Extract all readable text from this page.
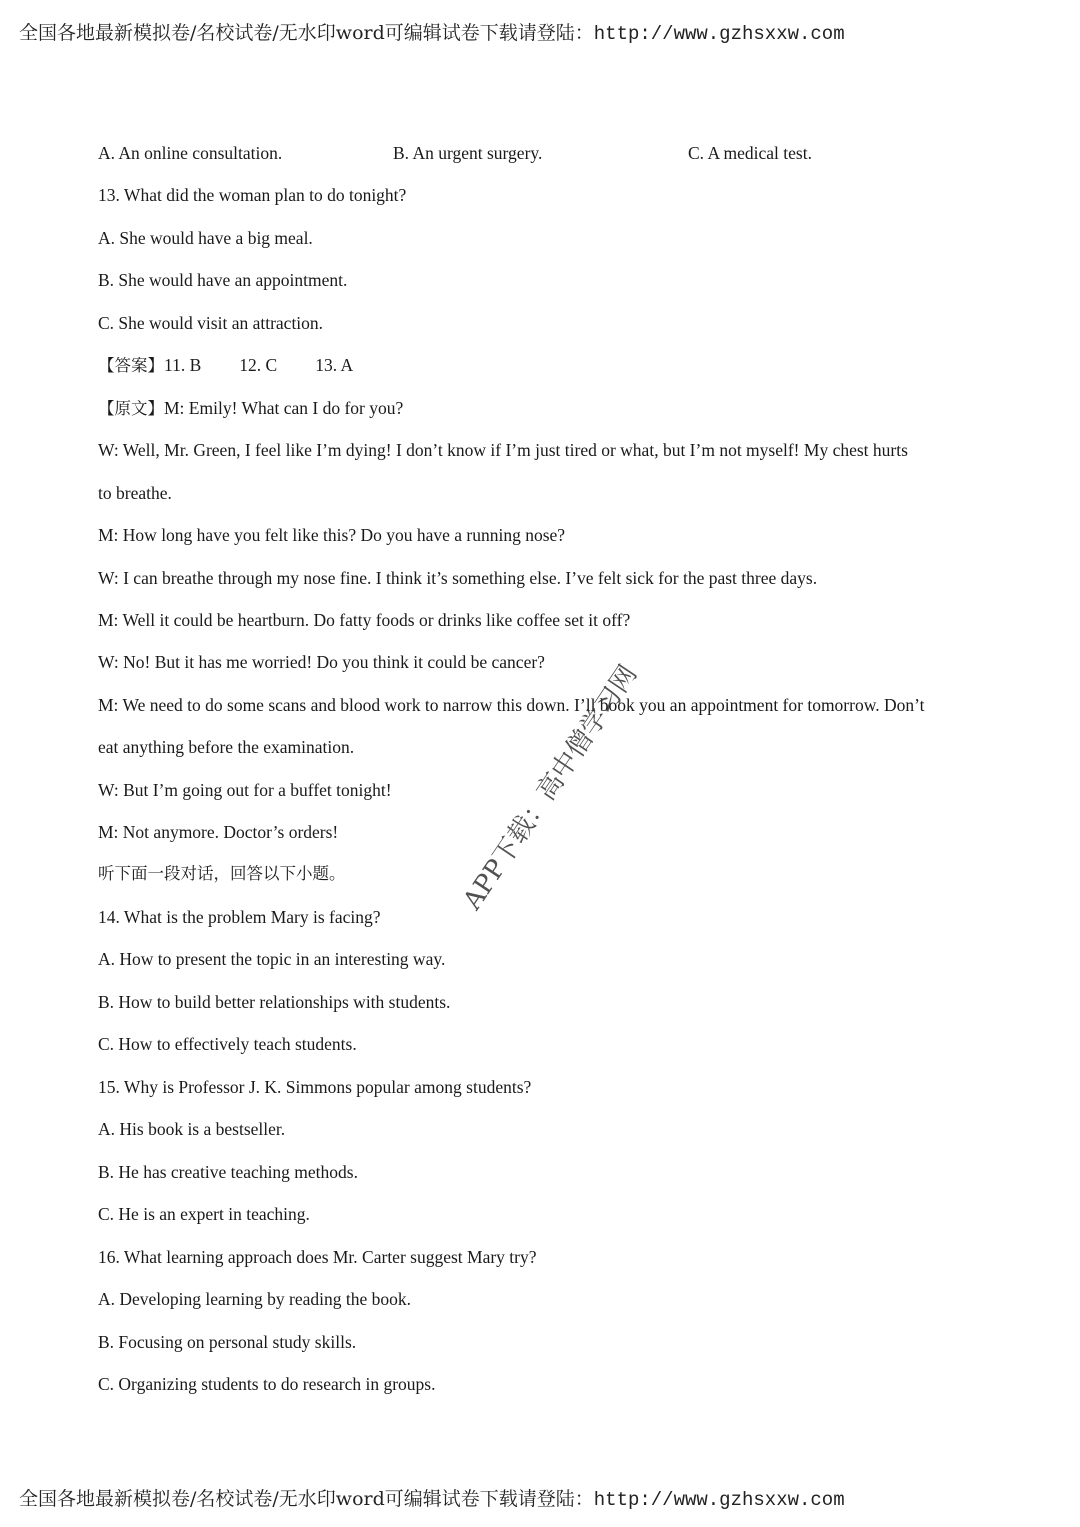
全国各地最新模拟卷/名校试卷/无水印word可编辑试卷下载请登陆：http://www.gzhsxxw.com
A. An online consultation.	B. An urgent surgery.	C. A medical test.
13. What did the woman plan to do tonight?
A. She would have a big meal.
B. She would have an appointment.
C. She would visit an attraction.
【答案】11. B 12. C 13. A
【原文】M: Emily! What can I do for you?
W: Well, Mr. Green, I feel like I’m dying! I don’t know if I’m just tired or what, but I’m not myself! My chest hurts
to breathe.
M: How long have you felt like this? Do you have a running nose?
W: I can breathe through my nose fine. I think it’s something else. I’ve felt sick for the past three days.
M: Well it could be heartburn. Do fatty foods or drinks like coffee set it off?
W: No! But it has me worried! Do you think it could be cancer?
M: We need to do some scans and blood work to narrow this down. I’ll book you an appointment for tomorrow. Don’t
eat anything before the examination.
W: But I’m going out for a buffet tonight!
M: Not anymore. Doctor’s orders!
听下面一段对话，回答以下小题。
14. What is the problem Mary is facing?
A. How to present the topic in an interesting way.
B. How to build better relationships with students.
C. How to effectively teach students.
15. Why is Professor J. K. Simmons popular among students?
A. His book is a bestseller.
B. He has creative teaching methods.
C. He is an expert in teaching.
16. What learning approach does Mr. Carter suggest Mary try?
A. Developing learning by reading the book.
B. Focusing on personal study skills.
C. Organizing students to do research in groups.
APP下载：高中僧学习网
全国各地最新模拟卷/名校试卷/无水印word可编辑试卷下载请登陆：http://www.gzhsxxw.com
